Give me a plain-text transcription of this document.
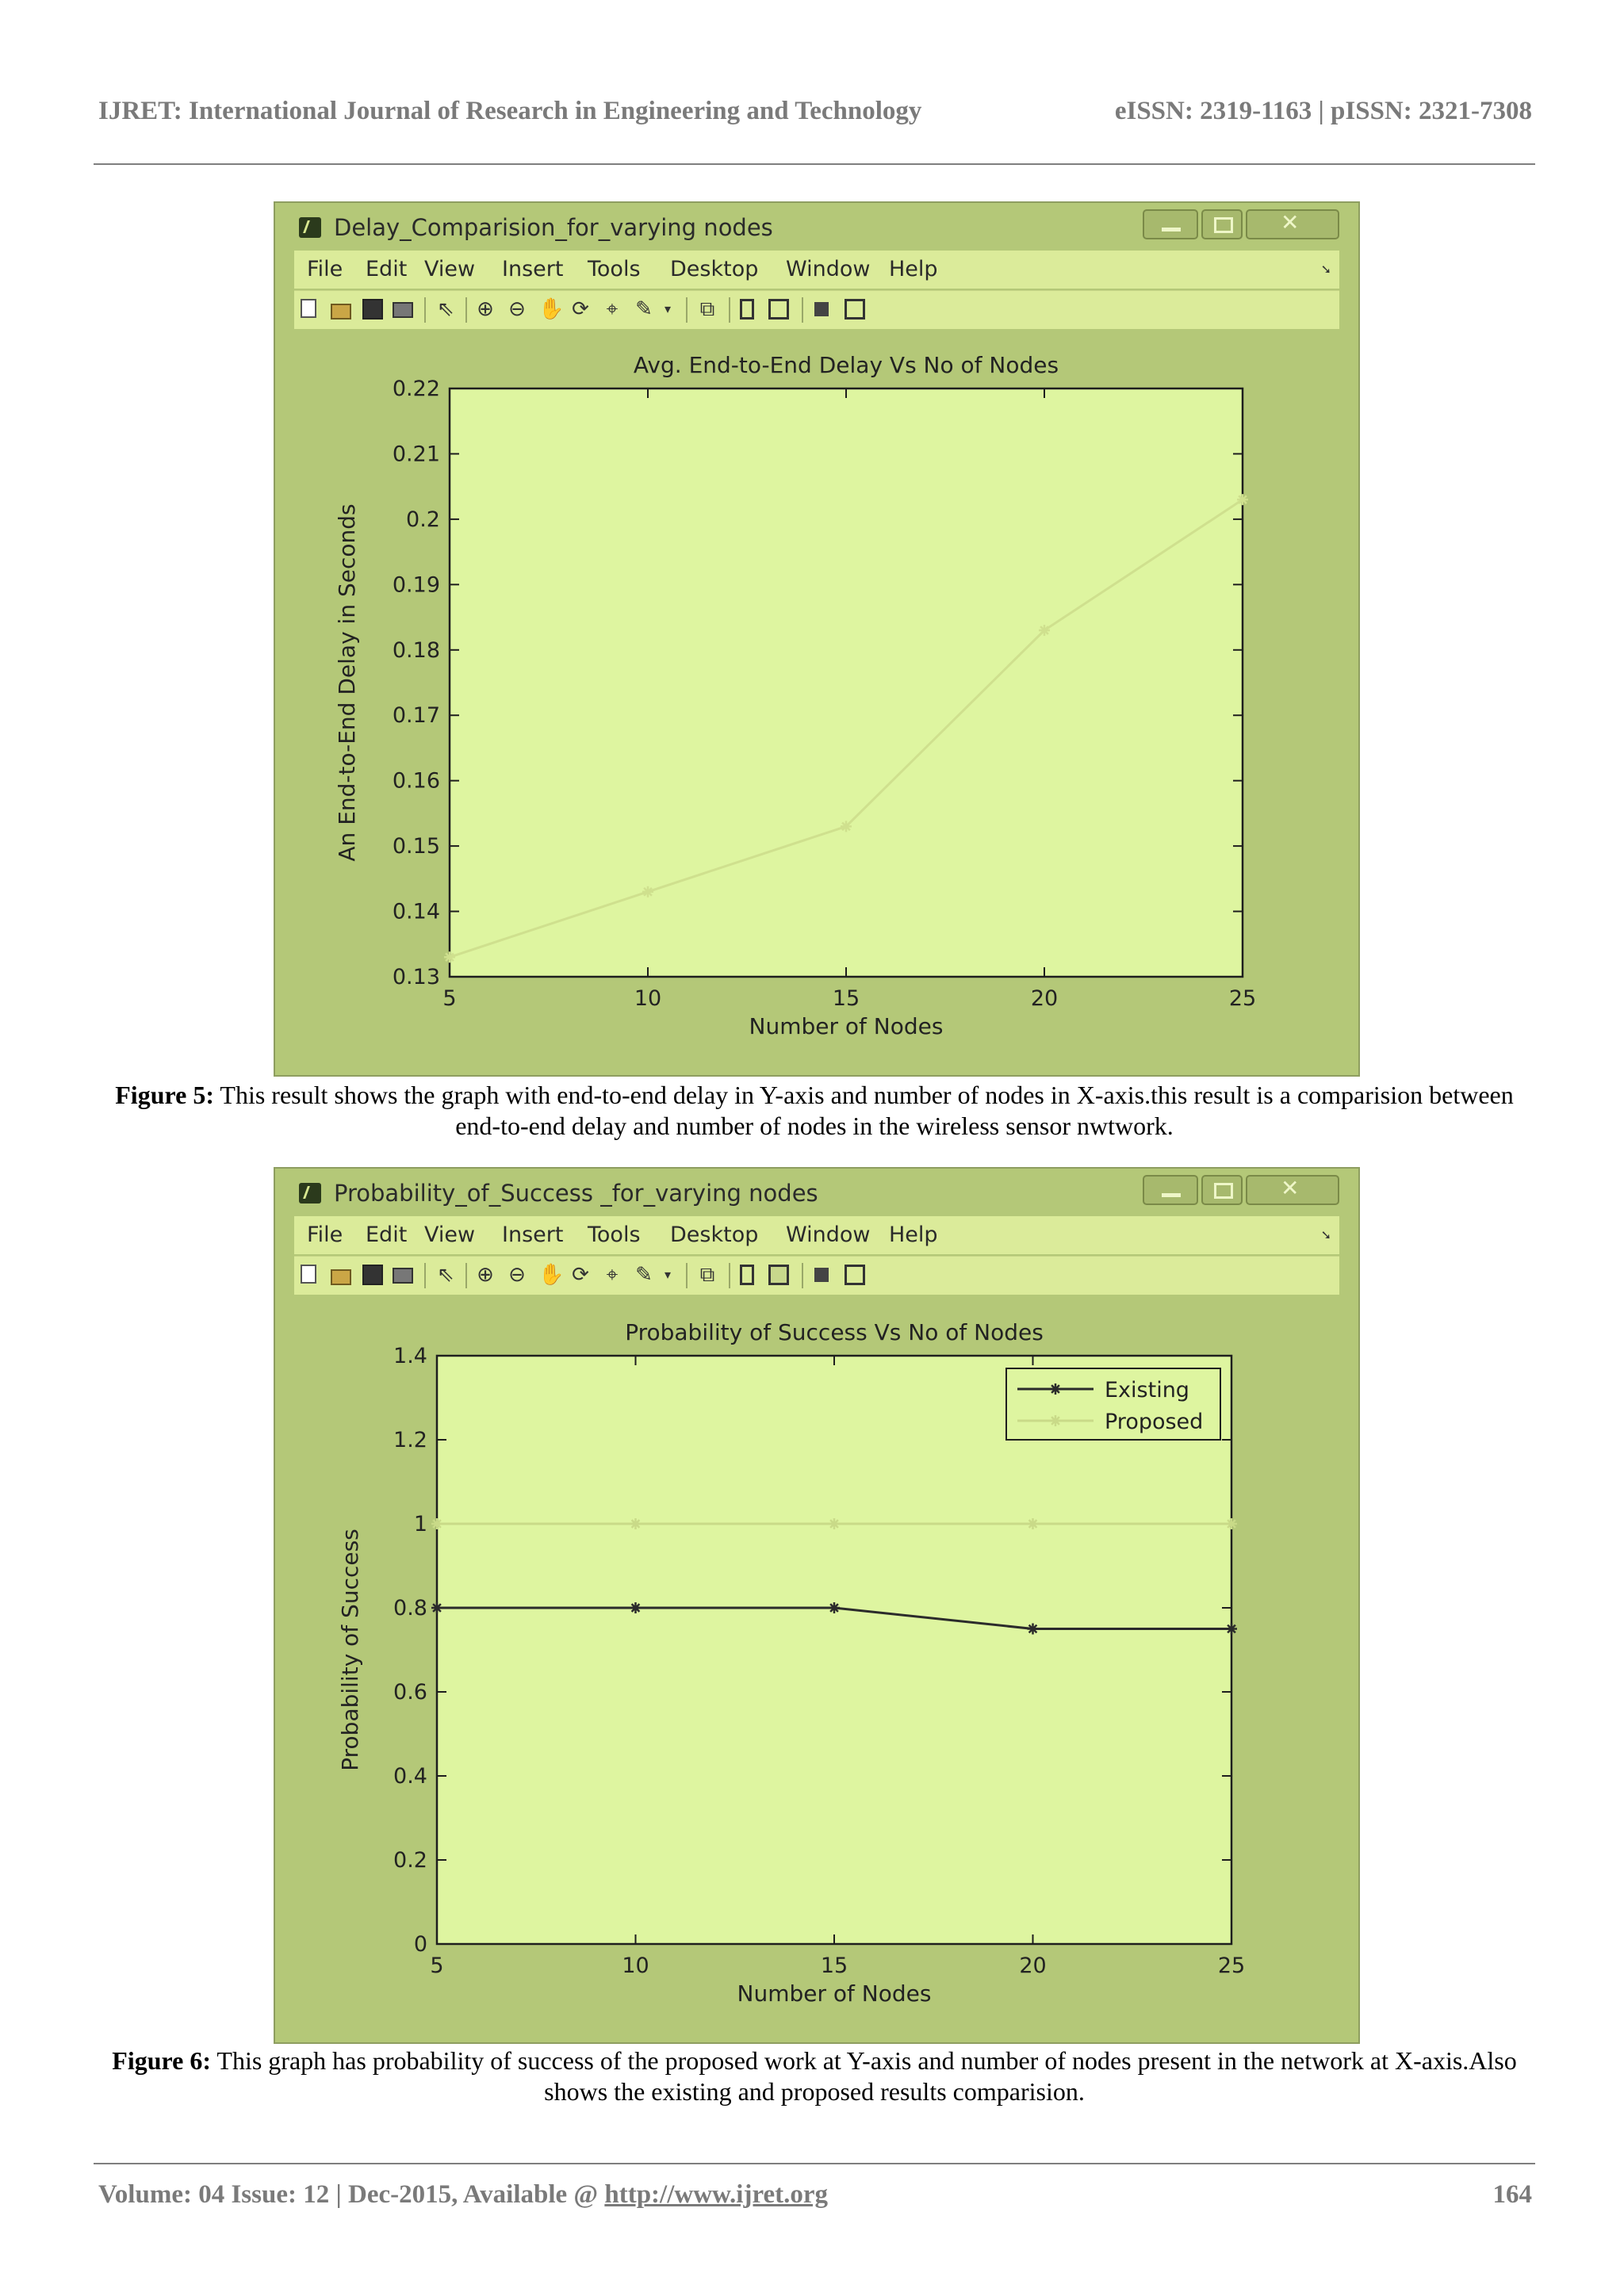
IJRET: International Journal of Research in Engineering and Technology	eISSN: 2319-1163 | pISSN: 2321-7308
Delay_Comparision_for_varying nodes
✕
File Edit View Insert Tools Desktop Window Help	➘
⇖ ⊕ ⊖ ✋ ⟳ ⌖ ✎ ▾	⧉
Avg. End-to-End Delay Vs No of Nodes
5	10	15	20	25
0.13
0.14
0.15
0.16
0.17
0.18
0.19
0.2
0.21
0.22
Number of Nodes
An End-to-End Delay in Seconds
Figure 5: This result shows the graph with end-to-end delay in Y-axis and number of nodes in X-axis.this result is a comparision between end-to-end delay and number of nodes in the wireless sensor nwtwork.
Probability_of_Success _for_varying nodes
✕
File Edit View Insert Tools Desktop Window Help	➘
⇖ ⊕ ⊖ ✋ ⟳ ⌖ ✎ ▾	⧉
Probability of Success Vs No of Nodes
5	10	15	20	25
0
0.2
0.4
0.6
0.8
1
1.2
1.4
Number of Nodes
Probability of Success
Existing
Proposed
Figure 6: This graph has probability of success of the proposed work at Y-axis and number of nodes present in the network at X-axis.Also shows the existing and proposed results comparision.
Volume: 04 Issue: 12 | Dec-2015, Available @ http://www.ijret.org	164
